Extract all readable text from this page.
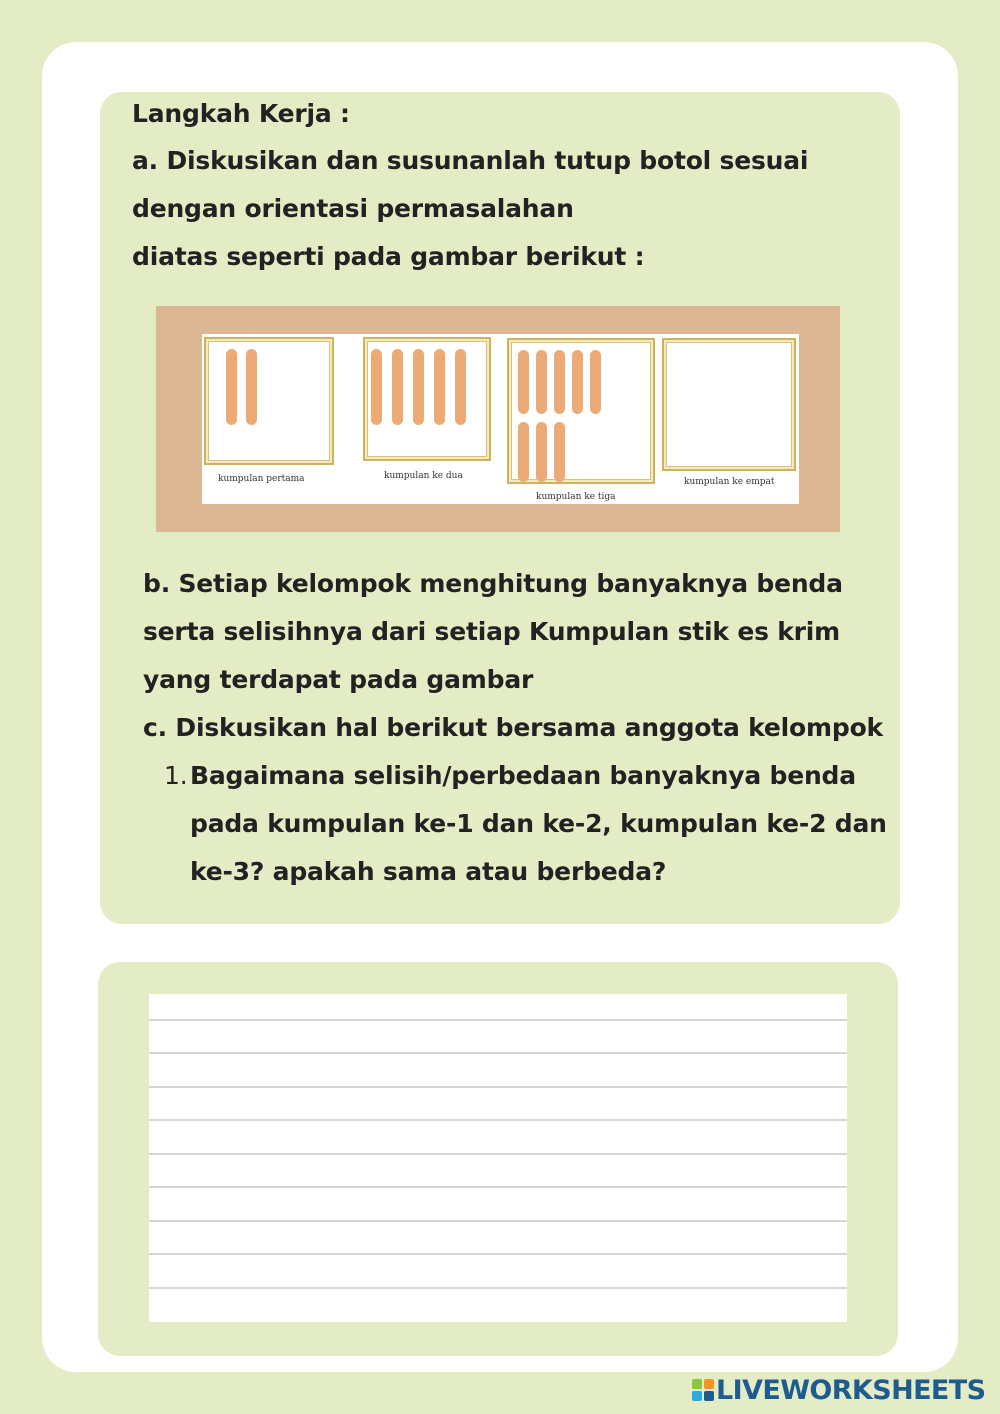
Langkah Kerja :

a. Diskusikan dan susunanlah tutup botol sesuai

dengan orientasi permasalahan

diatas seperti pada gambar berikut :

kumpulan pertama	kumpulan ke dua
kumpulan ke tiga
kumpulan ke empat

b. Setiap kelompok menghitung banyaknya benda

serta selisihnya dari setiap Kumpulan stik es krim

yang terdapat pada gambar

c. Diskusikan hal berikut bersama anggota kelompok

1. Bagaimana selisih/perbedaan banyaknya benda

pada kumpulan ke-1 dan ke-2, kumpulan ke-2 dan

ke-3? apakah sama atau berbeda?

LIVEWORKSHEETS
